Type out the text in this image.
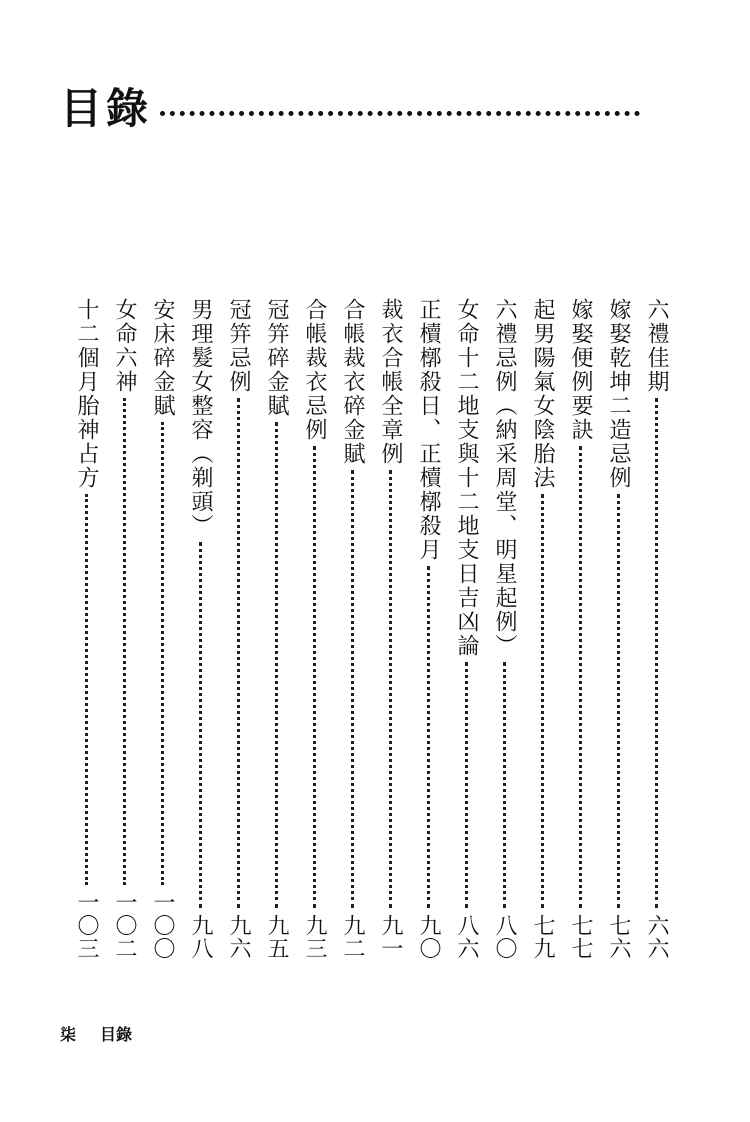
目錄
六禮佳期
六六
嫁娶乾坤二造忌例
七六
嫁娶便例要訣
七七
起男陽氣女陰胎法
七九
六禮忌例（納采周堂、明星起例）
八〇
女命十二地支與十二地支日吉凶論
八六
正櫝槨殺日、正櫝槨殺月
九〇
裁衣合帳全章例
九一
合帳裁衣碎金賦
九二
合帳裁衣忌例
九三
冠笄碎金賦
九五
冠笄忌例
九六
男理髮女整容（剃頭）
九八
安床碎金賦
一〇〇
女命六神
一〇二
十二個月胎神占方
一〇三
柒 目錄
